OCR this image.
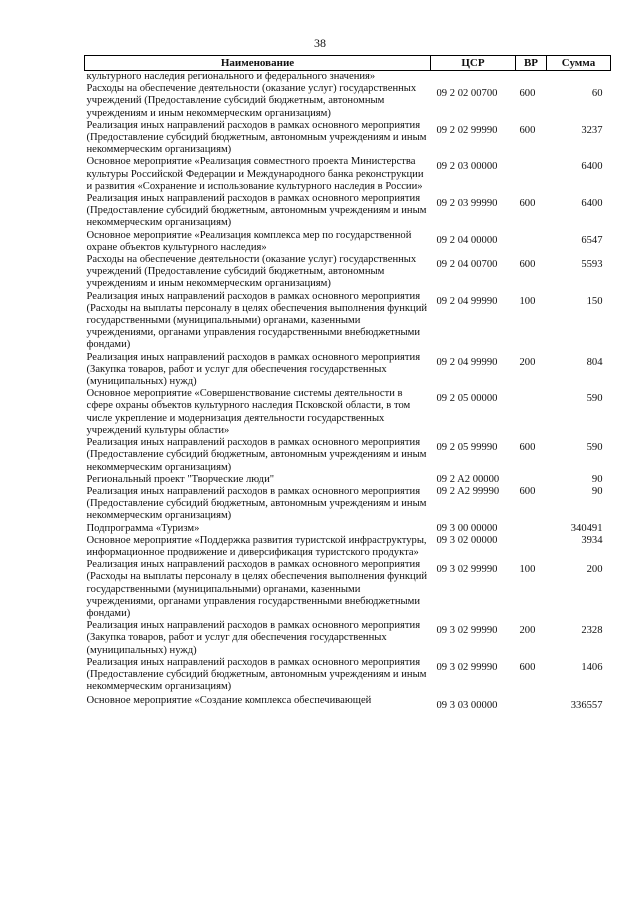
38
Наименование	ЦСР	ВР	Сумма
культурного наследия регионального и федерального значения»			
Расходы на обеспечение деятельности (оказание услуг) государственных учреждений (Предоставление субсидий бюджетным, автономным учреждениям и иным некоммерческим организациям)	09 2 02 00700	600	60
Реализация иных направлений расходов в рамках основного мероприятия (Предоставление субсидий бюджетным, автономным учреждениям и иным некоммерческим организациям)	09 2 02 99990	600	3237
Основное мероприятие «Реализация совместного проекта Министерства культуры Российской Федерации и Международного банка реконструкции и развития «Сохранение и использование культурного наследия в России»	09 2 03 00000		6400
Реализация иных направлений расходов в рамках основного мероприятия (Предоставление субсидий бюджетным, автономным учреждениям и иным некоммерческим организациям)	09 2 03 99990	600	6400
Основное мероприятие «Реализация комплекса мер по государственной охране объектов культурного наследия»	09 2 04 00000		6547
Расходы на обеспечение деятельности (оказание услуг) государственных учреждений (Предоставление субсидий бюджетным, автономным учреждениям и иным некоммерческим организациям)	09 2 04 00700	600	5593
Реализация иных направлений расходов в рамках основного мероприятия (Расходы на выплаты персоналу в целях обеспечения выполнения функций государственными (муниципальными) органами, казенными учреждениями, органами управления государственными внебюджетными фондами)	09 2 04 99990	100	150
Реализация иных направлений расходов в рамках основного мероприятия (Закупка товаров, работ и услуг для обеспечения государственных (муниципальных) нужд)	09 2 04 99990	200	804
Основное мероприятие «Совершенствование системы деятельности в сфере охраны объектов культурного наследия Псковской области, в том числе укрепление и модернизация деятельности государственных учреждений культуры области»	09 2 05 00000		590
Реализация иных направлений расходов в рамках основного мероприятия (Предоставление субсидий бюджетным, автономным учреждениям и иным некоммерческим организациям)	09 2 05 99990	600	590
Региональный проект "Творческие люди"	09 2 A2 00000		90
Реализация иных направлений расходов в рамках основного мероприятия (Предоставление субсидий бюджетным, автономным учреждениям и иным некоммерческим организациям)	09 2 A2 99990	600	90
Подпрограмма «Туризм»	09 3 00 00000		340491
Основное мероприятие «Поддержка развития туристской инфраструктуры, информационное продвижение и диверсификация туристского продукта»	09 3 02 00000		3934
Реализация иных направлений расходов в рамках основного мероприятия (Расходы на выплаты персоналу в целях обеспечения выполнения функций государственными (муниципальными) органами, казенными учреждениями, органами управления государственными внебюджетными фондами)	09 3 02 99990	100	200
Реализация иных направлений расходов в рамках основного мероприятия (Закупка товаров, работ и услуг для обеспечения государственных (муниципальных) нужд)	09 3 02 99990	200	2328
Реализация иных направлений расходов в рамках основного мероприятия (Предоставление субсидий бюджетным, автономным учреждениям и иным некоммерческим организациям)	09 3 02 99990	600	1406
Основное мероприятие «Создание комплекса обеспечивающей	09 3 03 00000		336557
